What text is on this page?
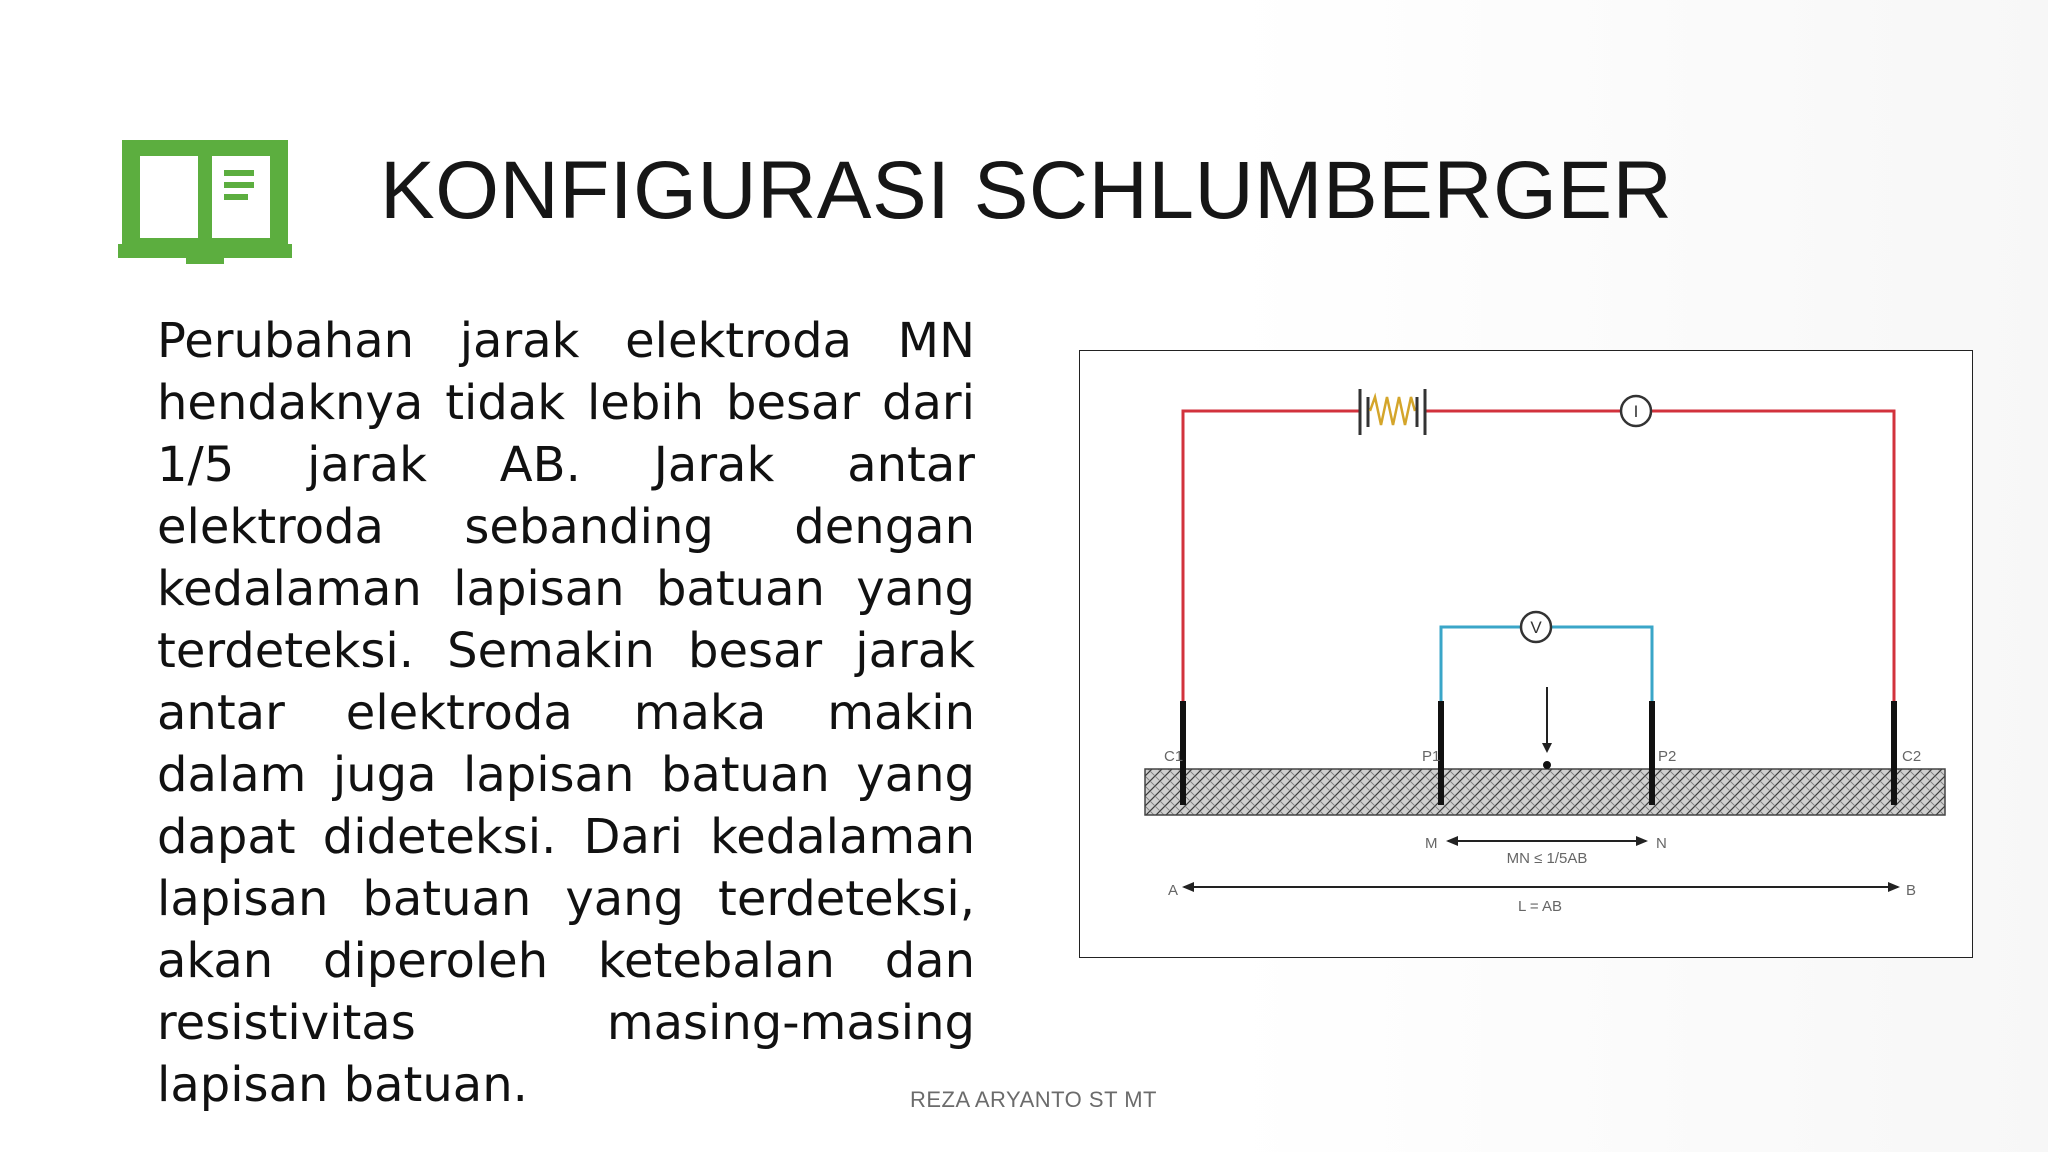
KONFIGURASI SCHLUMBERGER

Perubahan jarak elektroda MN hendaknya tidak lebih besar dari 1/5 jarak AB. Jarak antar elektroda sebanding dengan kedalaman lapisan batuan yang terdeteksi. Semakin besar jarak antar elektroda maka makin dalam juga lapisan batuan yang dapat dideteksi. Dari kedalaman lapisan batuan yang terdeteksi, akan diperoleh ketebalan dan resistivitas masing-masing lapisan batuan.

I
V
C1	P1	P2	C2
M	N
MN ≤ 1/5AB
A	B
L = AB
REZA ARYANTO ST MT
